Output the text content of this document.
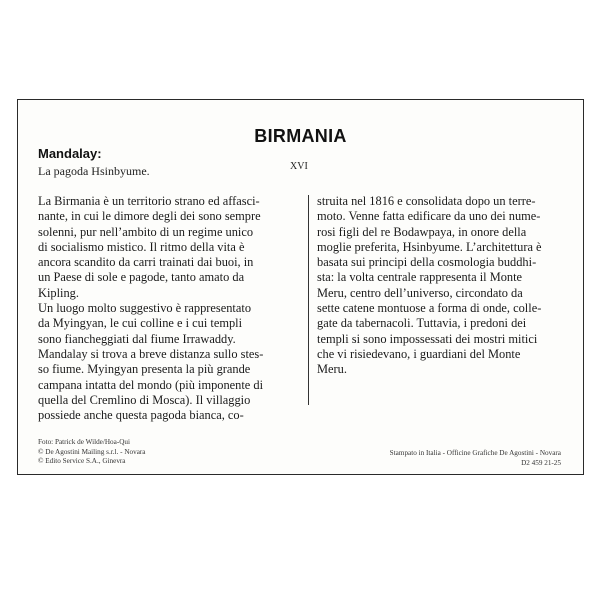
BIRMANIA
XVI
Mandalay:
La pagoda Hsinbyume.
La Birmania è un territorio strano ed affasci-
nante, in cui le dimore degli dei sono sempre
solenni, pur nell’ambito di un regime unico
di socialismo mistico. Il ritmo della vita è
ancora scandito da carri trainati dai buoi, in
un Paese di sole e pagode, tanto amato da
Kipling.
Un luogo molto suggestivo è rappresentato
da Myingyan, le cui colline e i cui templi
sono fiancheggiati dal fiume Irrawaddy.
Mandalay si trova a breve distanza sullo stes-
so fiume. Myingyan presenta la più grande
campana intatta del mondo (più imponente di
quella del Cremlino di Mosca). Il villaggio
possiede anche questa pagoda bianca, co-
struita nel 1816 e consolidata dopo un terre-
moto. Venne fatta edificare da uno dei nume-
rosi figli del re Bodawpaya, in onore della
moglie preferita, Hsinbyume. L’architettura è
basata sui principi della cosmologia buddhi-
sta: la volta centrale rappresenta il Monte
Meru, centro dell’universo, circondato da
sette catene montuose a forma di onde, colle-
gate da tabernacoli. Tuttavia, i predoni dei
templi si sono impossessati dei mostri mitici
che vi risiedevano, i guardiani del Monte
Meru.
Foto: Patrick de Wilde/Hoa-Qui
© De Agostini Mailing s.r.l. - Novara
© Edito Service S.A., Ginevra
Stampato in Italia - Officine Grafiche De Agostini - Novara
D2 459 21-25
